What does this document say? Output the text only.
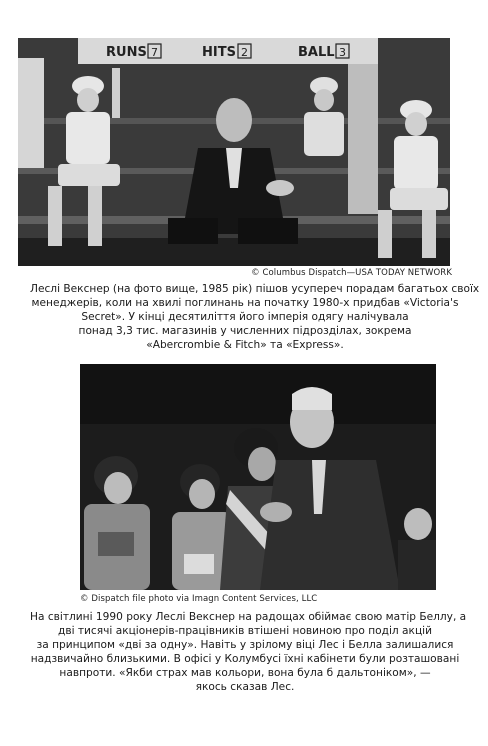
RUNS 7	HITS 2	BALL 3
© Columbus Dispatch—USA TODAY NETWORK
Леслі Векснер (на фото вище, 1985 рік) пішов усупереч порадам багатьох своїх
менеджерів, коли на хвилі поглинань на початку 1980-х придбав «Victoria's
Secret». У кінці десятиліття його імперія одягу налічувала
понад 3,3 тис. магазинів у численних підрозділах, зокрема
«Abercrombie & Fitch» та «Express».
© Dispatch file photo via Imagn Content Services, LLC
На світлині 1990 року Леслі Векснер на радощах обіймає свою матір Беллу, а
дві тисячі акціонерів-працівників втішені новиною про поділ акцій
за принципом «дві за одну». Навіть у зрілому віці Лес і Белла залишалися
надзвичайно близькими. В офісі у Колумбусі їхні кабінети були розташовані
навпроти. «Якби страх мав кольори, вона була б дальтоніком», —
якось сказав Лес.
